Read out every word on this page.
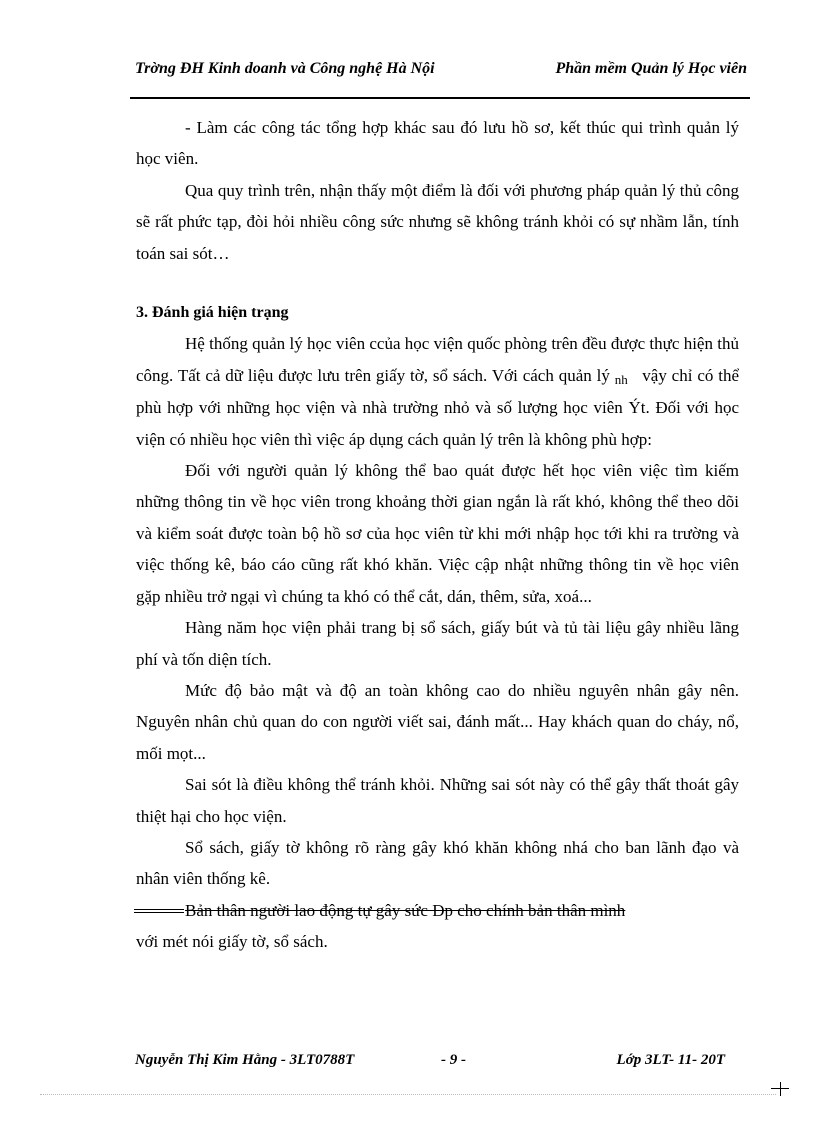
Trờng ĐH Kinh doanh và Công nghệ Hà Nội	Phần mềm Quản lý Học viên

- Làm các công tác tổng hợp khác sau đó lưu hồ sơ, kết thúc qui trình quản lý học viên.

Qua quy trình trên, nhận thấy một điểm là đối với phương pháp quản lý thủ công sẽ rất phức tạp, đòi hỏi nhiều công sức nhưng sẽ không tránh khỏi có sự nhầm lẫn, tính toán sai sót…

3. Đánh giá hiện trạng

Hệ thống quản lý học viên ccủa học viện quốc phòng trên đều được thực hiện thủ công. Tất cả dữ liệu được lưu trên giấy tờ, sổ sách. Với cách quản lý nh   vậy chỉ có thể phù hợp với những học viện và nhà trường nhỏ và số lượng học viên Ýt. Đối với học viện có nhiều học viên thì việc áp dụng cách quản lý trên là không phù hợp:

Đối với người quản lý không thể bao quát được hết học viên việc tìm kiếm những thông tin về học viên trong khoảng thời gian ngắn là rất khó, không thể theo dõi và kiểm soát được toàn bộ hồ sơ của học viên từ khi mới nhập học tới khi ra trường và việc thống kê, báo cáo cũng rất khó khăn. Việc cập nhật những thông tin về học viên gặp nhiều trở ngại vì chúng ta khó có thể cắt, dán, thêm, sửa, xoá...

Hàng năm học viện phải trang bị sổ sách, giấy bút và tủ tài liệu gây nhiều lãng phí và tốn diện tích.

Mức độ bảo mật và độ an toàn không cao do nhiều nguyên nhân gây nên. Nguyên nhân chủ quan do con người viết sai, đánh mất... Hay khách quan do cháy, nổ, mối mọt...

Sai sót là điều không thể tránh khỏi. Những sai sót này có thể gây thất thoát gây thiệt hại cho học viện.

Sổ sách, giấy tờ không rõ ràng gây khó khăn không nhá cho ban lãnh đạo và nhân viên thống kê.

Bản thân người lao động tự gây sức Ðp cho chính bản thân mình

với mét nói giấy tờ, sổ sách.

Nguyễn Thị Kim Hằng - 3LT0788T	- 9 -	Lớp 3LT- 11- 20T
